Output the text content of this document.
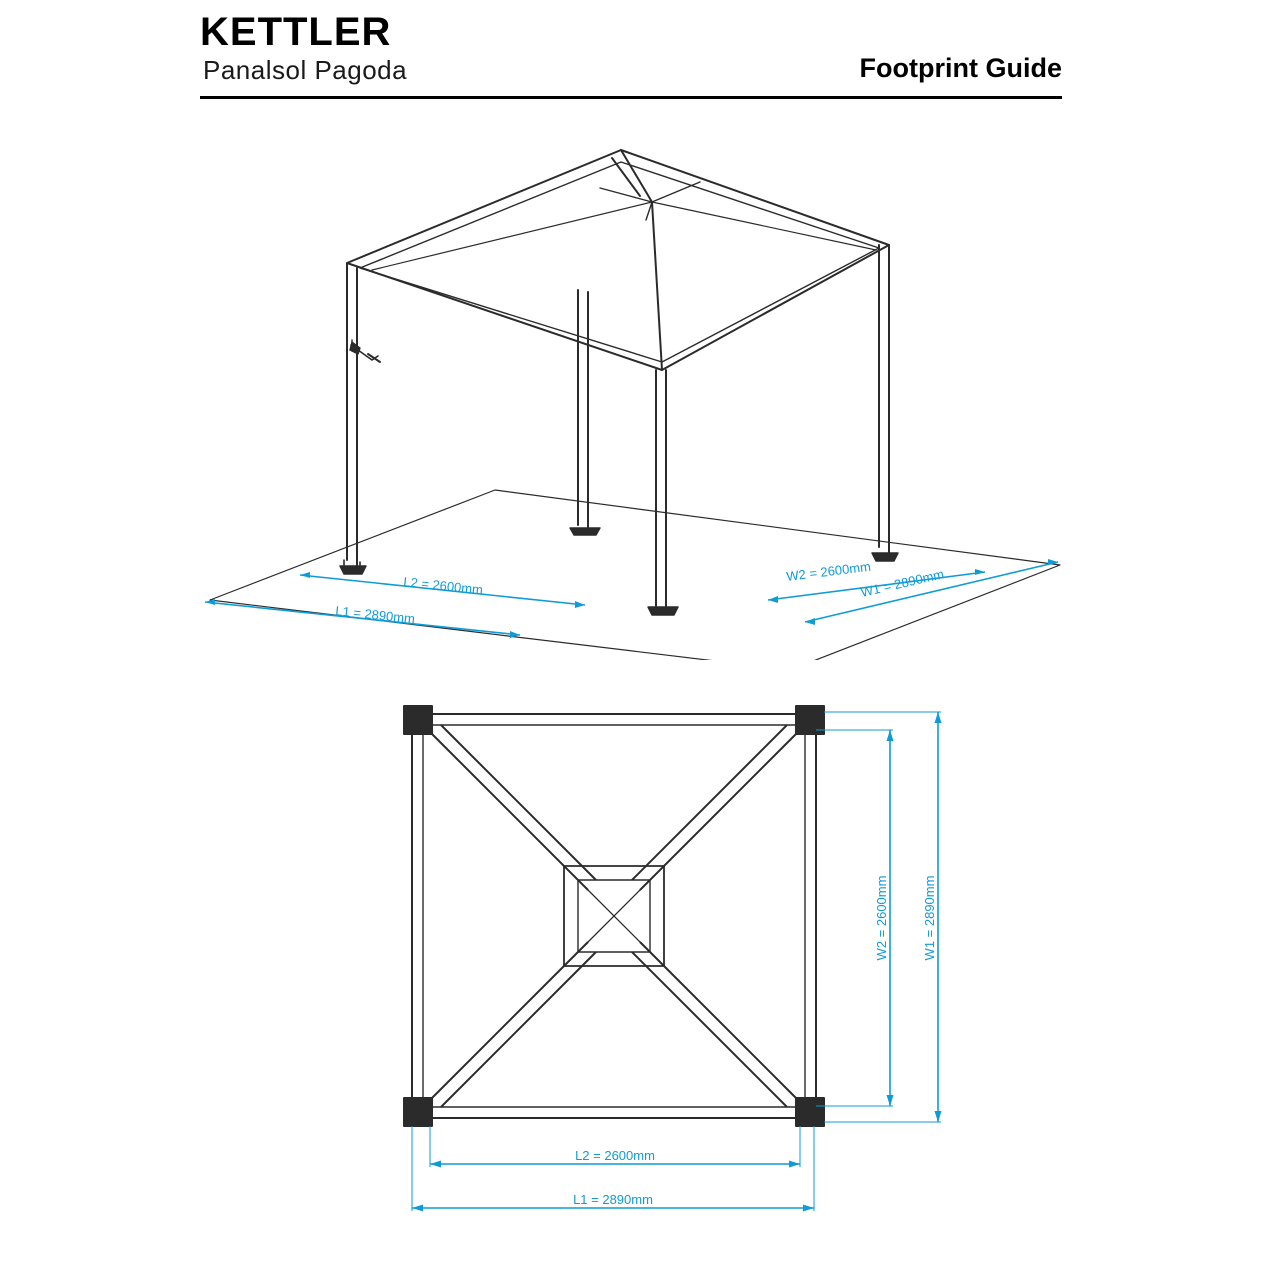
KETTLER
Panalsol Pagoda	Footprint Guide
L2 = 2600mm
L1 = 2890mm
W2 = 2600mm
W1 = 2890mm
W2 = 2600mm	W1 = 2890mm
L2 = 2600mm
L1 = 2890mm
